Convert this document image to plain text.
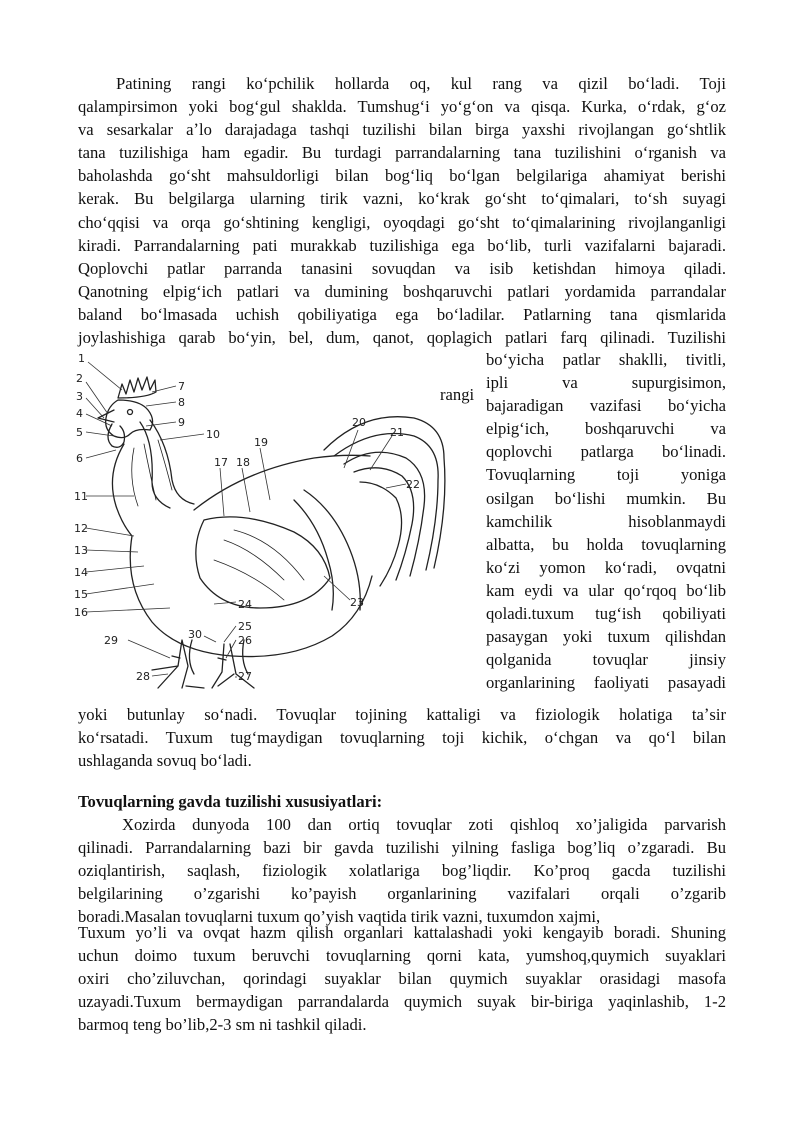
Patining rangi koʻpchilik hollarda oq, kul rang va qizil boʻladi. Toji
qalampirsimon yoki bogʻgul shaklda. Tumshugʻi yoʻgʻon va qisqa. Kurka, oʻrdak, gʻoz
va sesarkalar aʼlo darajadaga tashqi tuzilishi bilan birga yaxshi rivojlangan goʻshtlik
tana tuzilishiga ham egadir. Bu turdagi parrandalarning tana tuzilishini oʻrganish va
baholashda goʻsht mahsuldorligi bilan bogʻliq boʻlgan belgilariga ahamiyat berishi
kerak. Bu belgilarga ularning tirik vazni, koʻkrak goʻsht toʻqimalari, toʻsh suyagi
choʻqqisi va orqa goʻshtining kengligi, oyoqdagi goʻsht toʻqimalarining rivojlanganligi
kiradi. Parrandalarning pati murakkab tuzilishiga ega boʻlib, turli vazifalarni bajaradi.
Qoplovchi patlar parranda tanasini sovuqdan va isib ketishdan himoya qiladi.
Qanotning elpigʻich patlari va dumining boshqaruvchi patlari yordamida parrandalar
baland boʻlmasada uchish qobiliyatiga ega boʻladilar. Patlarning tana qismlarida
joylashishiga qarab boʻyin, bel, dum, qanot, qoplagich patlari farq qilinadi. Tuzilishi
boʻyicha patlar shaklli, tivitli,
ipli va supurgisimon,
bajaradigan vazifasi boʻyicha
elpigʻich, boshqaruvchi va
qoplovchi patlarga boʻlinadi.
Tovuqlarning toji yoniga
osilgan boʻlishi mumkin. Bu
kamchilik hisoblanmaydi
albatta, bu holda tovuqlarning
koʻzi yomon koʻradi, ovqatni
kam eydi va ular qoʻrqoq boʻlib
qoladi.tuxum tugʻish qobiliyati
pasaygan yoki tuxum qilishdan
qolganida tovuqlar jinsiy
organlarining faoliyati pasayadi
rangi
1
2
3
4
5
6
7
8
9
10
11
12
13
14
15
16
17 18
19
20
21
22
23
24
25
26
27
28
29	30
yoki butunlay soʻnadi. Tovuqlar tojining kattaligi va fiziologik holatiga taʼsir
koʻrsatadi. Tuxum tugʻmaydigan tovuqlarning toji kichik, oʻchgan va qoʻl bilan
ushlaganda sovuq boʻladi.
Tovuqlarning gavda tuzilishi xususiyatlari:
Xozirda dunyoda 100 dan ortiq tovuqlar zoti qishloq xo’jaligida parvarish
qilinadi. Parrandalarning bazi bir gavda tuzilishi yilning fasliga bog’liq o’zgaradi. Bu
oziqlantirish, saqlash, fiziologik xolatlariga bog’liqdir. Ko’proq gacda tuzilishi
belgilarining o’zgarishi ko’payish organlarining vazifalari orqali o’zgarib
boradi.Masalan tovuqlarni tuxum qo’yish vaqtida tirik vazni, tuxumdon xajmi,
Tuxum yo’li va ovqat hazm qilish organlari kattalashadi yoki kengayib boradi. Shuning
uchun doimo tuxum beruvchi tovuqlarning qorni kata, yumshoq,quymich suyaklari
oxiri cho’ziluvchan, qorindagi suyaklar bilan quymich suyaklar orasidagi masofa
uzayadi.Tuxum bermaydigan parrandalarda quymich suyak bir-biriga yaqinlashib, 1-2
barmoq teng bo’lib,2-3 sm ni tashkil qiladi.
